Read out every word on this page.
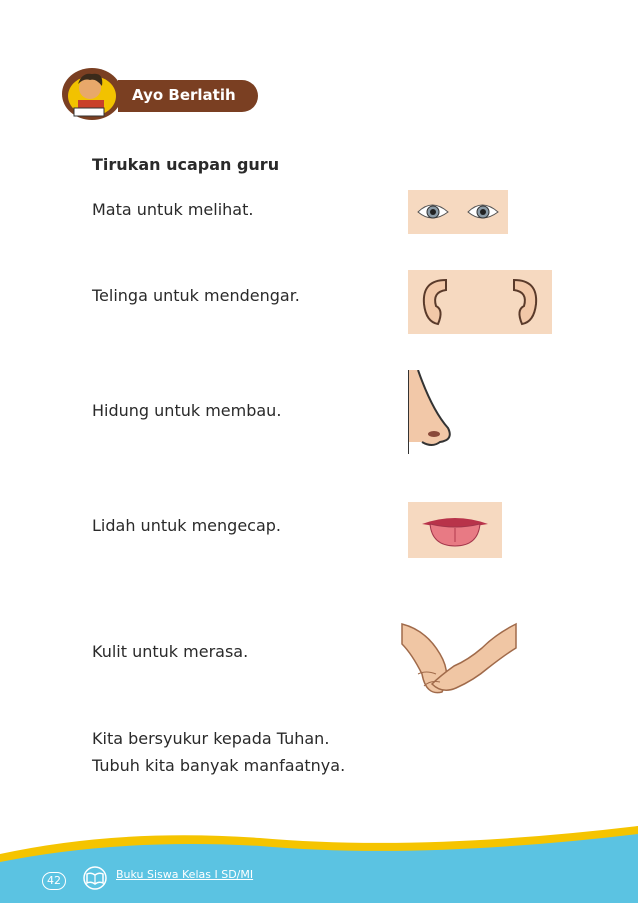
Ayo Berlatih
Tirukan ucapan guru
Mata untuk melihat.
Telinga untuk mendengar.
Hidung untuk membau.
Lidah untuk mengecap.
Kulit untuk merasa.
Kita bersyukur kepada Tuhan.
Tubuh kita banyak manfaatnya.
42	Buku Siswa Kelas I SD/MI
